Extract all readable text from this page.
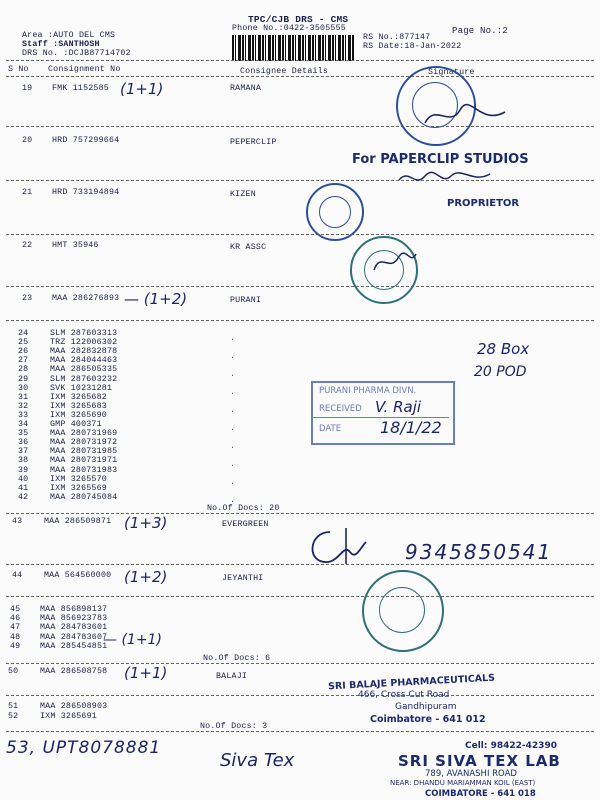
TPC/CJB DRS - CMS
Phone No.:0422-3505555	Page No.:2
Area :AUTO DEL CMS
Staff :SANTHOSH
DRS No. :DCJB87714702
RS No.:877147
RS Date:18-Jan-2022
S No Consignment No	Consignee Details	Signature
19 FMK 1152585 (1+1)	RAMANA
20 HRD 757299664	PEPERCLIP
21 HRD 733194894	KIZEN
22 HMT 35946	KR ASSC
23 MAA 286276893 — (1+2)	PURANI
24	SLM 287603313
25	TRZ 122006302
26	MAA 282832878
27	MAA 284044463
28	MAA 286505335
29	SLM 287603232
30	SVK 10231281
31	IXM 3265682
32	IXM 3265683
33	IXM 3265690
34	GMP 400371
35	MAA 280731969
36	MAA 280731972
37	MAA 280731985
38	MAA 280731971
39	MAA 280731983
40	IXM 3265570
41	IXM 3265569
42	MAA 280745084
.

.

.

.

.

.

.

.

.

.
No.Of Docs: 20
43	MAA 286509871 (1+3)	EVERGREEN
9345850541
44	MAA 564560000 (1+2)	JEYANTHI
45 MAA 856898137
46 MAA 856923783
47 MAA 284783601
48 MAA 284783607
49 MAA 285454851
— (1+1)
No.Of Docs: 6
50	MAA 286508758 (1+1)	BALAJI
51	MAA 286508903
52	IXM 3265691
No.Of Docs: 3
53, UPT8078881
Siva Tex
For PAPERCLIP STUDIOS
PROPRIETOR
PURANI PHARMA DIVN.
RECEIVED
DATE
V. Raji
18/1/22
28 Box
20 POD
SRI BALAJE PHARMACEUTICALS
466, Cross Cut Road
Gandhipuram
Coimbatore - 641 012
Cell: 98422-42390
SRI SIVA TEX LAB
789, AVANASHI ROAD
NEAR: DHANDU MARIAMMAN KOIL (EAST)
COIMBATORE - 641 018
